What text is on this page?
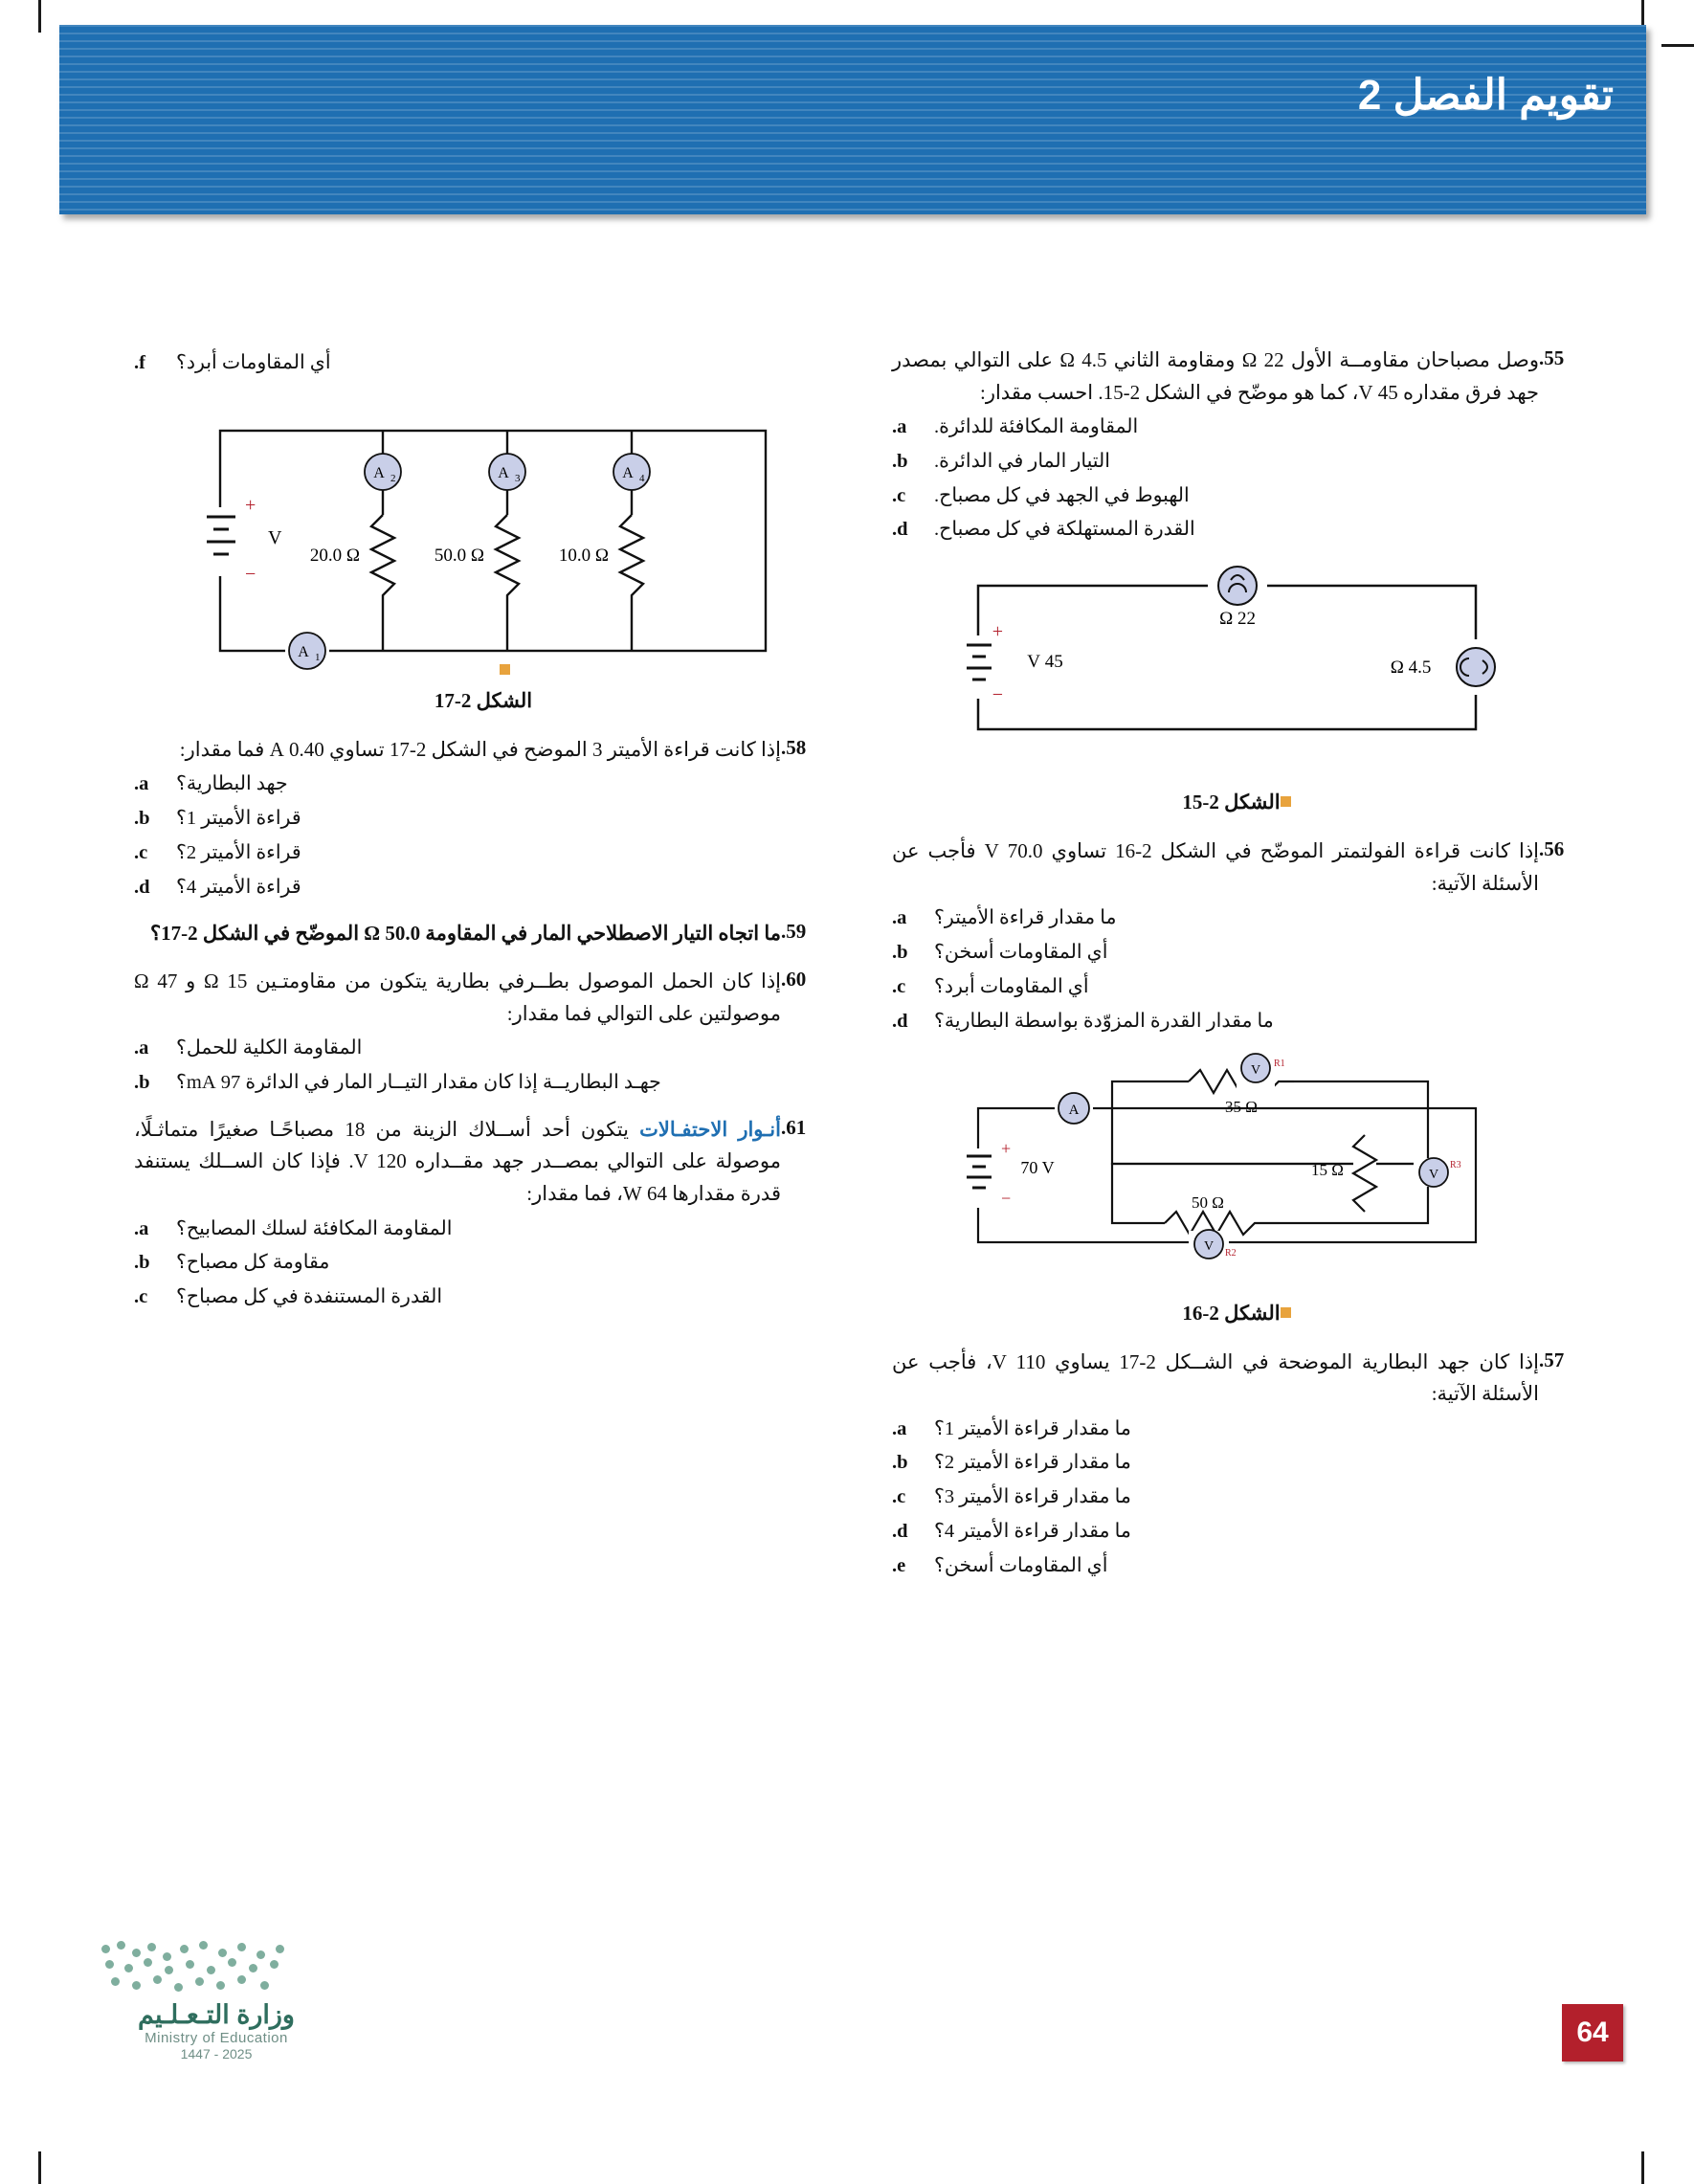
تقويم الفصل 2
55.
وصل مصباحان مقاومــة الأول 22 Ω ومقاومة الثاني 4.5 Ω على التوالي بمصدر جهد فرق مقداره 45 V، كما هو موضّح في الشكل 2-15. احسب مقدار:
المقاومة المكافئة للدائرة.
a.
التيار المار في الدائرة.
b.
الهبوط في الجهد في كل مصباح.
c.
القدرة المستهلكة في كل مصباح.
d.
22 Ω
4.5 Ω
+
−
45 V
الشكل 2-15
56.
إذا كانت قراءة الفولتمتر الموضّح في الشكل 2-16 تساوي 70.0 V فأجب عن الأسئلة الآتية:
ما مقدار قراءة الأميتر؟
a.
أي المقاومات أسخن؟
b.
أي المقاومات أبرد؟
c.
ما مقدار القدرة المزوّدة بواسطة البطارية؟
d.
+
−
70 V
A	35 Ω
V R1
15 Ω	V
R3
50 Ω
V R2
الشكل 2-16
57.
إذا كان جهد البطارية الموضحة في الشــكل 2-17 يساوي 110 V، فأجب عن الأسئلة الآتية:
ما مقدار قراءة الأميتر 1؟
a.
ما مقدار قراءة الأميتر 2؟
b.
ما مقدار قراءة الأميتر 3؟
c.
ما مقدار قراءة الأميتر 4؟
d.
أي المقاومات أسخن؟
e.
أي المقاومات أبرد؟
f.
+
−
V
20.0 Ω	50.0 Ω	10.0 Ω
A 2	A 3	A 4
A 1
الشكل 2-17
58.
إذا كانت قراءة الأميتر 3 الموضح في الشكل 2-17 تساوي 0.40 A فما مقدار:
جهد البطارية؟
a.
قراءة الأميتر 1؟
b.
قراءة الأميتر 2؟
c.
قراءة الأميتر 4؟
d.
59.
ما اتجاه التيار الاصطلاحي المار في المقاومة 50.0 Ω الموضّح في الشكل 2-17؟
60.
إذا كان الحمل الموصول بطــرفي بطارية يتكون من مقاومتـين 15 Ω و 47 Ω موصولتين على التوالي فما مقدار:
المقاومة الكلية للحمل؟
a.
جهـد البطاريــة إذا كان مقدار التيــار المار في الدائرة 97 mA؟
b.
61.
أنـوار الاحتفـالات يتكون أحد أســلاك الزينة من 18 مصباحًـا صغيرًا متماثـلًا، موصولة على التوالي بمصــدر جهد مقــداره 120 V. فإذا كان الســلك يستنفد قدرة مقدارها 64 W، فما مقدار:
المقاومة المكافئة لسلك المصابيح؟
a.
مقاومة كل مصباح؟
b.
القدرة المستنفدة في كل مصباح؟
c.
64
وزارة التـعـلـيم
Ministry of Education
2025 - 1447
